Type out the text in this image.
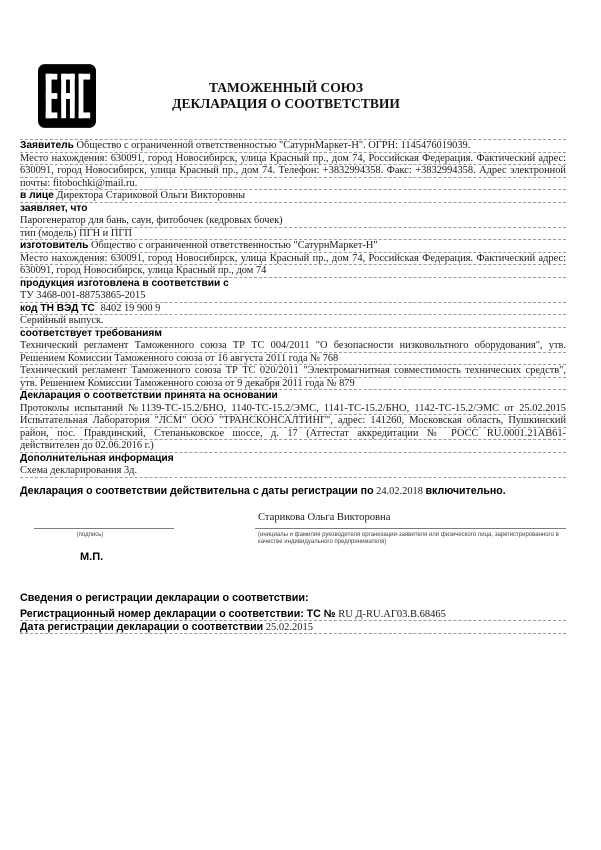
ТАМОЖЕННЫЙ СОЮЗ
ДЕКЛАРАЦИЯ О СООТВЕТСТВИИ
Заявитель Общество с ограниченной ответственностью "СатурнМаркет-Н". ОГРН: 1145476019039.
Место нахождения: 630091, город Новосибирск, улица Красный пр., дом 74, Российская Федерация. Фактический адрес:
630091, город Новосибирск, улица Красный пр., дом 74. Телефон: +3832994358. Факс: +3832994358. Адрес электронной
почты: fitobochki@mail.ru.
в лице Директора Стариковой Ольги Викторовны
заявляет, что
Парогенератор для бань, саун, фитобочек (кедровых бочек)
тип (модель) ПГН и ПГП
изготовитель Общество с ограниченной ответственностью "СатурнМаркет-Н"
Место нахождения: 630091, город Новосибирск, улица Красный пр., дом 74, Российская Федерация. Фактический адрес:
630091, город Новосибирск, улица Красный пр., дом 74
продукция изготовлена в соответствии с
ТУ 3468-001-88753865-2015
код ТН ВЭД ТС 8402 19 900 9
Серийный выпуск.
соответствует требованиям
Технический регламент Таможенного союза ТР ТС 004/2011 "О безопасности низковольтного оборудования", утв.
Решением Комиссии Таможенного союза от 16 августа 2011 года № 768
Технический регламент Таможенного союза ТР ТС 020/2011 "Электромагнитная совместимость технических средств",
утв. Решением Комиссии Таможенного союза от 9 декабря 2011 года № 879
Декларация о соответствии принята на основании
Протоколы испытаний №1139-ТС-15.2/БНО, 1140-ТС-15.2/ЭМС, 1141-ТС-15.2/БНО, 1142-ТС-15.2/ЭМС от 25.02.2015
Испытательная Лаборатория "ЛСМ" ООО "ТРАНСКОНСАЛТИНГ", адрес: 141260, Московская область, Пушкинский
район, пос. Правдинский, Степаньковское шоссе, д. 17 (Аттестат аккредитации № РОСС RU.0001.21АВ61-
действителен до 02.06.2016 г.)
Дополнительная информация
Схема декларирования 3д.
Декларация о соответствии действительна с даты регистрации по 24.02.2018 включительно.
Старикова Ольга Викторовна
(подпись)	(инициалы и фамилия руководителя организации-заявителя или физического лица, зарегистрированного в качестве индивидуального предпринимателя)
М.П.
Сведения о регистрации декларации о соответствии:
Регистрационный номер декларации о соответствии: ТС № RU Д-RU.АГ03.В.68465
Дата регистрации декларации о соответствии 25.02.2015
